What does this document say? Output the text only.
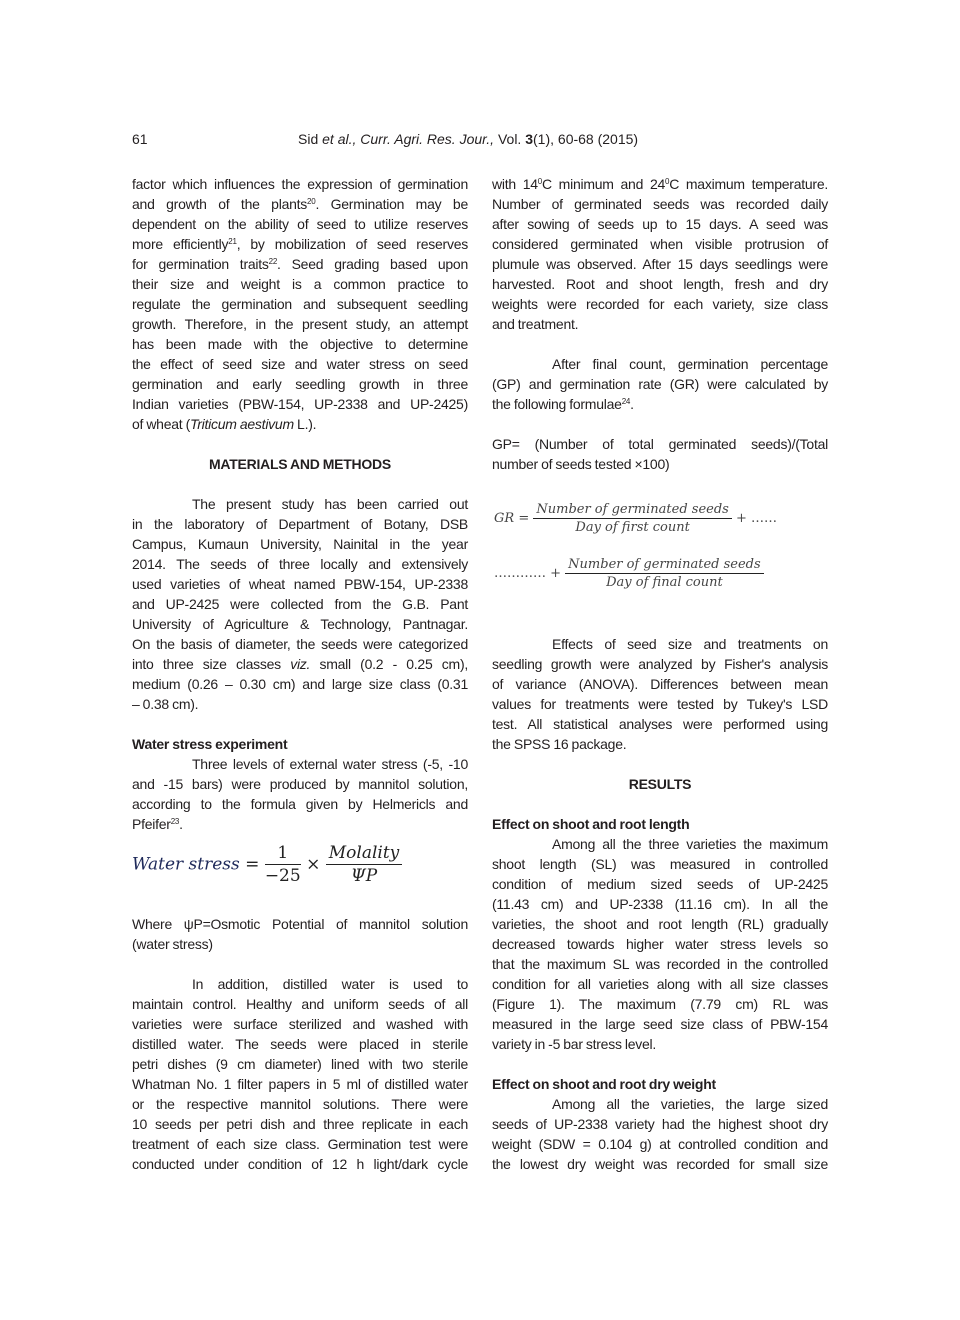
61	Sid et al., Curr. Agri. Res. Jour., Vol. 3(1), 60-68 (2015)
factor which influences the expression of germination
and growth of the plants$^{20}$. Germination may be
dependent on the ability of seed to utilize reserves
more efficiently$^{21}$, by mobilization of seed reserves
for germination traits$^{22}$. Seed grading based upon
their size and weight is a common practice to
regulate the germination and subsequent seedling
growth. Therefore, in the present study, an attempt
has been made with the objective to determine
the effect of seed size and water stress on seed
germination and early seedling growth in three
Indian varieties (PBW-154, UP-2338 and UP-2425)
of wheat (Triticum aestivum L.).
MATERIALS AND METHODS
The present study has been carried out
in the laboratory of Department of Botany, DSB
Campus, Kumaun University, Nainital in the year
2014. The seeds of three locally and extensively
used varieties of wheat named PBW-154, UP-2338
and UP-2425 were collected from the G.B. Pant
University of Agriculture & Technology, Pantnagar.
On the basis of diameter, the seeds were categorized
into three size classes viz. small (0.2 - 0.25 cm),
medium (0.26 – 0.30 cm) and large size class (0.31
– 0.38 cm).
Water stress experiment
Three levels of external water stress (-5, -10
and -15 bars) were produced by mannitol solution,
according to the formula given by Helmericls and
Pfeifer$^{23}$.
Water stress = $\frac{1}{-25} \times \frac{\text{Molality}}{\Psi P}$
Where ψP=Osmotic Potential of mannitol solution
(water stress)
In addition, distilled water is used to
maintain control. Healthy and uniform seeds of all
varieties were surface sterilized and washed with
distilled water. The seeds were placed in sterile
petri dishes (9 cm diameter) lined with two sterile
Whatman No. 1 filter papers in 5 ml of distilled water
or the respective mannitol solutions. There were
10 seeds per petri dish and three replicate in each
treatment of each size class. Germination test were
conducted under condition of 12 h light/dark cycle
with $14^0C$ minimum and $24^0C$ maximum temperature.
Number of germinated seeds was recorded daily
after sowing of seeds up to 15 days. A seed was
considered germinated when visible protrusion of
plumule was observed. After 15 days seedlings were
harvested. Root and shoot length, fresh and dry
weights were recorded for each variety, size class
and treatment.
After final count, germination percentage
(GP) and germination rate (GR) were calculated by
the following formulae$^{24}$.
GP= (Number of total germinated seeds)/(Total
number of seeds tested ×100)
GR = $\frac{\text{Number of germinated seeds}}{\text{Day of first count}}$ + ……
………… + $\frac{\text{Number of germinated seeds}}{\text{Day of final count}}$
Effects of seed size and treatments on
seedling growth were analyzed by Fisher's analysis
of variance (ANOVA). Differences between mean
values for treatments were tested by Tukey's LSD
test. All statistical analyses were performed using
the SPSS 16 package.
RESULTS
Effect on shoot and root length
Among all the three varieties the maximum
shoot length (SL) was measured in controlled
condition of medium sized seeds of UP-2425
(11.43 cm) and UP-2338 (11.16 cm). In all the
varieties, the shoot and root length (RL) gradually
decreased towards higher water stress levels so
that the maximum SL was recorded in the controlled
condition for all varieties along with all size classes
(Figure 1). The maximum (7.79 cm) RL was
measured in the large seed size class of PBW-154
variety in -5 bar stress level.
Effect on shoot and root dry weight
Among all the varieties, the large sized
seeds of UP-2338 variety had the highest shoot dry
weight (SDW = 0.104 g) at controlled condition and
the lowest dry weight was recorded for small size
